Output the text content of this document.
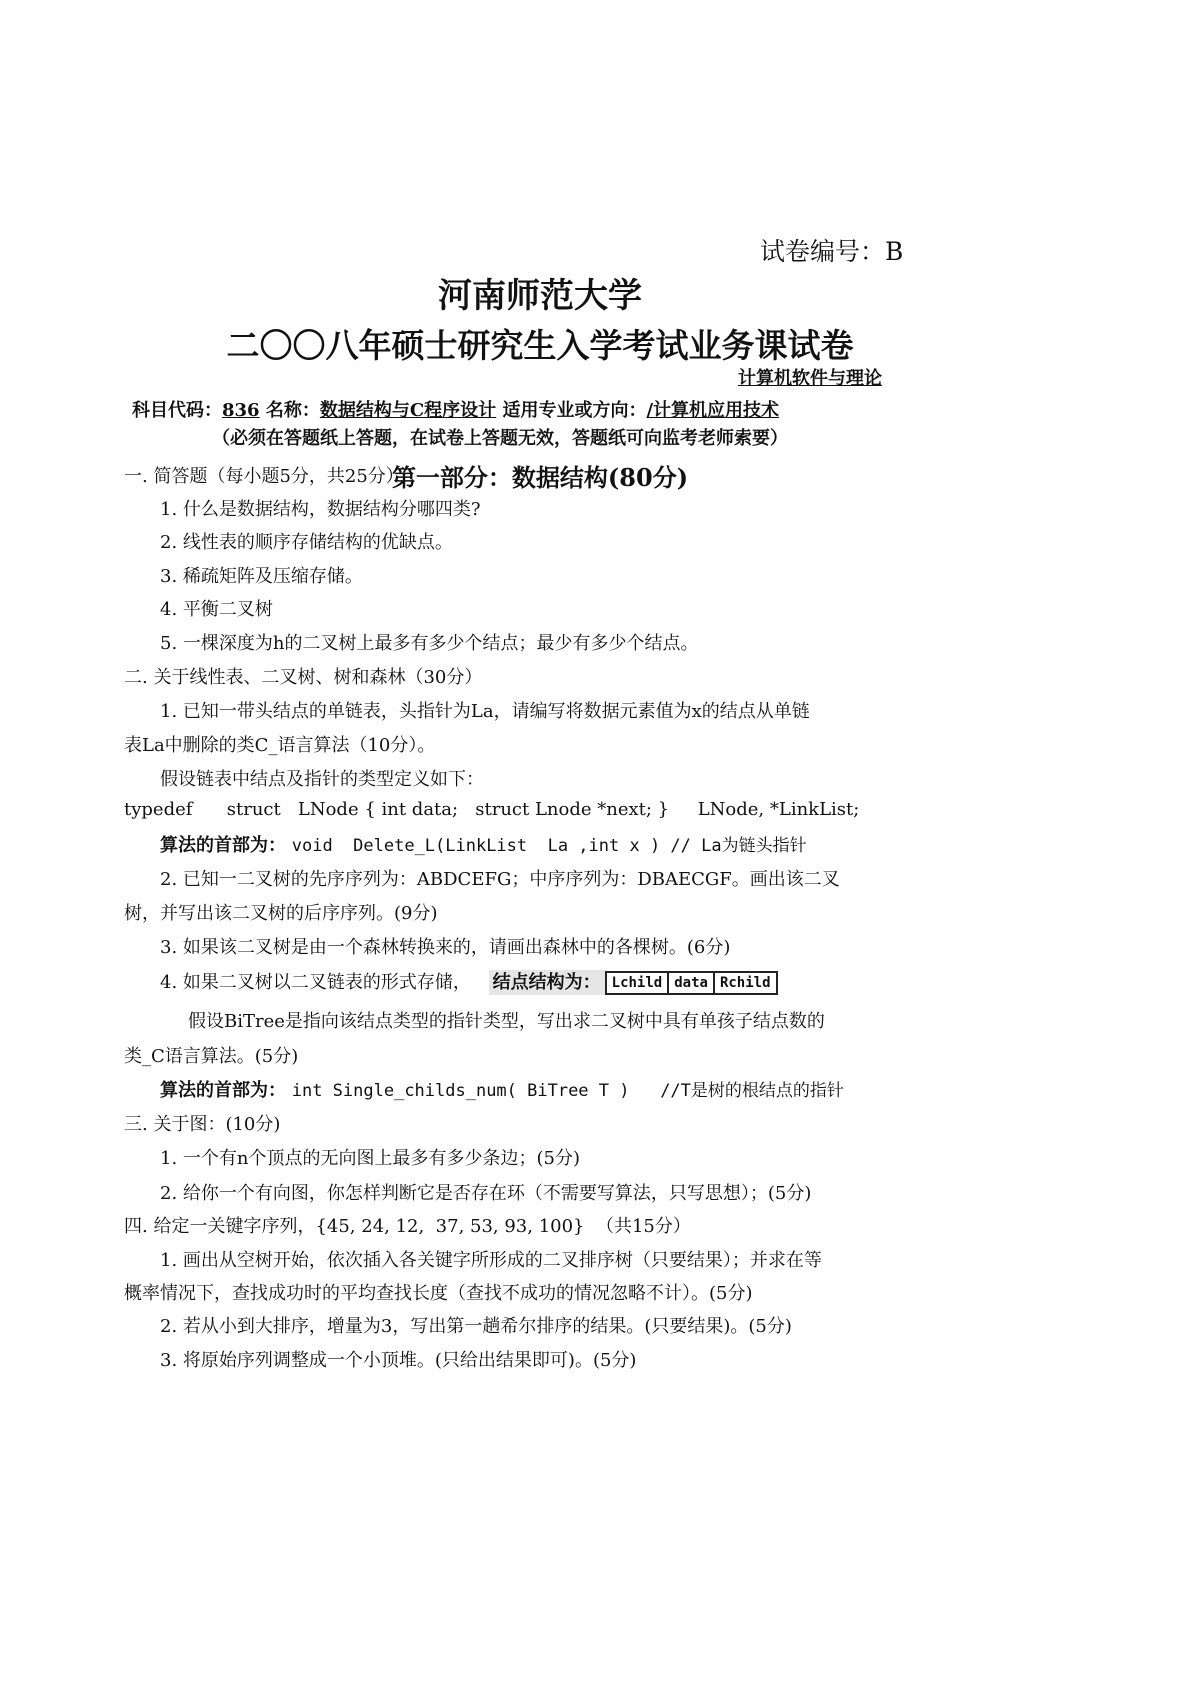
试卷编号：B
河南师范大学
二〇〇八年硕士研究生入学考试业务课试卷
计算机软件与理论
科目代码：836 名称：数据结构与C程序设计 适用专业或方向：/计算机应用技术
（必须在答题纸上答题，在试卷上答题无效，答题纸可向监考老师索要）
第一部分：数据结构(80分)
一. 简答题（每小题5分，共25分）
1. 什么是数据结构，数据结构分哪四类?
2. 线性表的顺序存储结构的优缺点。
3. 稀疏矩阵及压缩存储。
4. 平衡二叉树
5. 一棵深度为h的二叉树上最多有多少个结点；最少有多少个结点。
二. 关于线性表、二叉树、树和森林（30分）
1. 已知一带头结点的单链表，头指针为La，请编写将数据元素值为x的结点从单链
表La中删除的类C_语言算法（10分）。
假设链表中结点及指针的类型定义如下：
typedef      struct   LNode { int data;   struct Lnode *next; }     LNode, *LinkList;
算法的首部为： void  Delete_L(LinkList  La ,int x ) // La为链头指针
2. 已知一二叉树的先序序列为：ABDCEFG；中序序列为：DBAECGF。画出该二叉
树，并写出该二叉树的后序序列。(9分)
3. 如果该二叉树是由一个森林转换来的，请画出森林中的各棵树。(6分)
4. 如果二叉树以二叉链表的形式存储， 结点结构为： Lchild data Rchild
假设BiTree是指向该结点类型的指针类型，写出求二叉树中具有单孩子结点数的
类_C语言算法。(5分)
算法的首部为： int Single_childs_num( BiTree T )   //T是树的根结点的指针
三. 关于图：(10分)
1. 一个有n个顶点的无向图上最多有多少条边；(5分)
2. 给你一个有向图，你怎样判断它是否存在环（不需要写算法，只写思想）；(5分)
四. 给定一关键字序列，{45, 24, 12,  37, 53, 93, 100}  （共15分）
1. 画出从空树开始，依次插入各关键字所形成的二叉排序树（只要结果）；并求在等
概率情况下，查找成功时的平均查找长度（查找不成功的情况忽略不计）。(5分)
2. 若从小到大排序，增量为3，写出第一趟希尔排序的结果。(只要结果)。(5分)
3. 将原始序列调整成一个小顶堆。(只给出结果即可)。(5分)
